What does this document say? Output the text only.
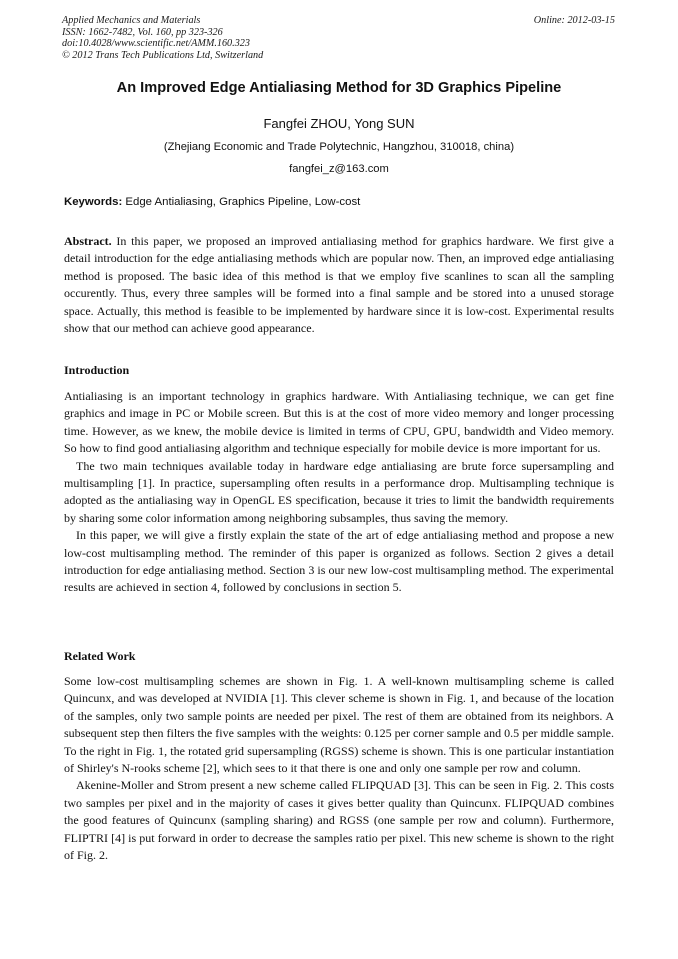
Applied Mechanics and Materials
ISSN: 1662-7482, Vol. 160, pp 323-326
doi:10.4028/www.scientific.net/AMM.160.323
© 2012 Trans Tech Publications Ltd, Switzerland
Online: 2012-03-15
An Improved Edge Antialiasing Method for 3D Graphics Pipeline
Fangfei ZHOU, Yong SUN
(Zhejiang Economic and Trade Polytechnic, Hangzhou, 310018, china)
fangfei_z@163.com
Keywords: Edge Antialiasing, Graphics Pipeline, Low-cost

Abstract. In this paper, we proposed an improved antialiasing method for graphics hardware. We first give a detail introduction for the edge antialiasing methods which are popular now. Then, an improved edge antialiasing method is proposed. The basic idea of this method is that we employ five scanlines to scan all the sampling occurently. Thus, every three samples will be formed into a final sample and be stored into a unused storage space. Actually, this method is feasible to be implemented by hardware since it is low-cost. Experimental results show that our method can achieve good appearance.

Introduction

Antialiasing is an important technology in graphics hardware. With Antialiasing technique, we can get fine graphics and image in PC or Mobile screen. But this is at the cost of more video memory and longer processing time. However, as we knew, the mobile device is limited in terms of CPU, GPU, bandwidth and Video memory. So how to find good antialiasing algorithm and technique especially for mobile device is more important for us.

The two main techniques available today in hardware edge antialiasing are brute force supersampling and multisampling [1]. In practice, supersampling often results in a performance drop. Multisampling technique is adopted as the antialiasing way in OpenGL ES specification, because it tries to limit the bandwidth requirements by sharing some color information among neighboring subsamples, thus saving the memory.

In this paper, we will give a firstly explain the state of the art of edge antialiasing method and propose a new low-cost multisampling method. The reminder of this paper is organized as follows. Section 2 gives a detail introduction for edge antialiasing method. Section 3 is our new low-cost multisampling method. The experimental results are achieved in section 4, followed by conclusions in section 5.

Related Work

Some low-cost multisampling schemes are shown in Fig. 1. A well-known multisampling scheme is called Quincunx, and was developed at NVIDIA [1]. This clever scheme is shown in Fig. 1, and because of the location of the samples, only two sample points are needed per pixel. The rest of them are obtained from its neighbors. A subsequent step then filters the five samples with the weights: 0.125 per corner sample and 0.5 per middle sample. To the right in Fig. 1, the rotated grid supersampling (RGSS) scheme is shown. This is one particular instantiation of Shirley's N-rooks scheme [2], which sees to it that there is one and only one sample per row and column.

Akenine-Moller and Strom present a new scheme called FLIPQUAD [3]. This can be seen in Fig. 2. This costs two samples per pixel and in the majority of cases it gives better quality than Quincunx. FLIPQUAD combines the good features of Quincunx (sampling sharing) and RGSS (one sample per row and column). Furthermore, FLIPTRI [4] is put forward in order to decrease the samples ratio per pixel. This new scheme is shown to the right of Fig. 2.
